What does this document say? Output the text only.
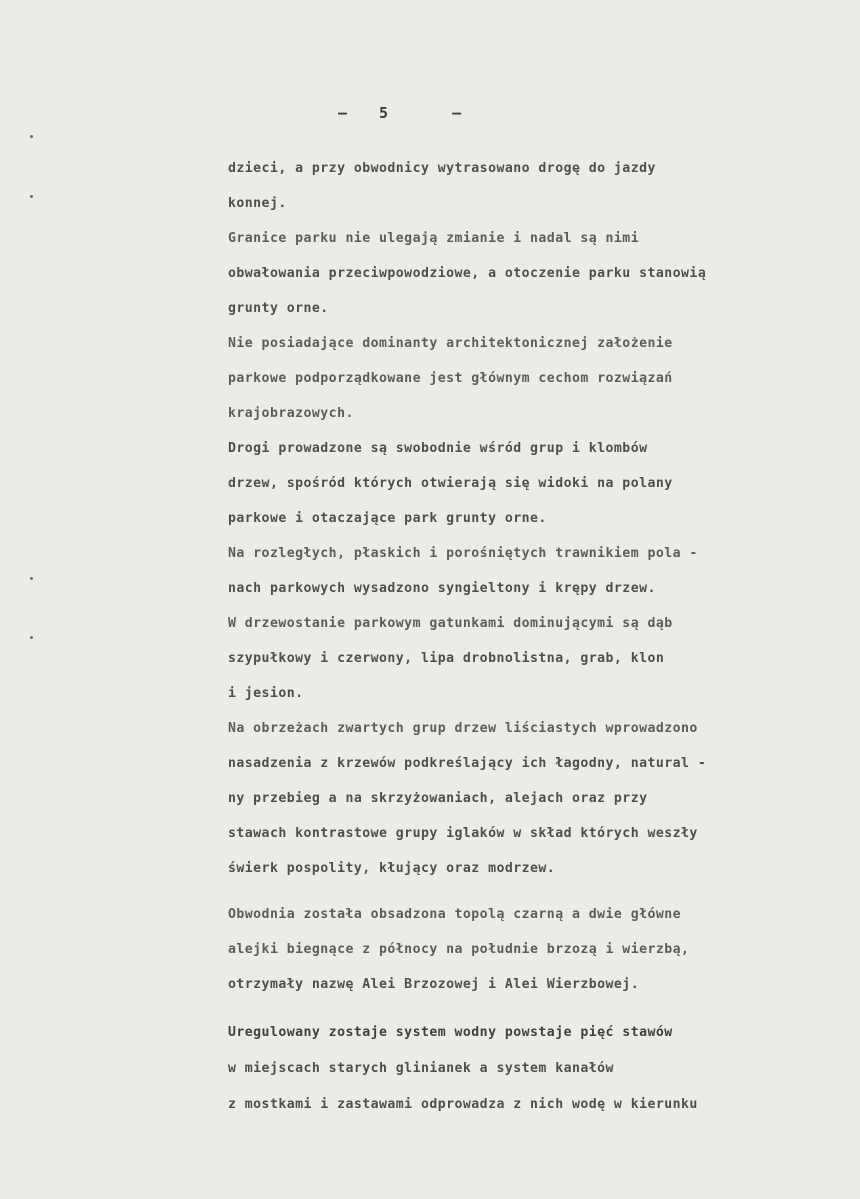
– 5	–
dzieci, a przy obwodnicy wytrasowano drogę do jazdy
konnej.
Granice parku nie ulegają zmianie i nadal są nimi
obwałowania przeciwpowodziowe, a otoczenie parku stanowią
grunty orne.
Nie posiadające dominanty architektonicznej założenie
parkowe podporządkowane jest głównym cechom rozwiązań
krajobrazowych.
Drogi prowadzone są swobodnie wśród grup i klombów
drzew, spośród których otwierają się widoki na polany
parkowe i otaczające park grunty orne.
Na rozległych, płaskich i porośniętych trawnikiem pola -
nach parkowych wysadzono syngieltony i krępy drzew.
W drzewostanie parkowym gatunkami dominującymi są dąb
szypułkowy i czerwony, lipa drobnolistna, grab, klon
i jesion.
Na obrzeżach zwartych grup drzew liściastych wprowadzono
nasadzenia z krzewów podkreślający ich łagodny, natural -
ny przebieg a na skrzyżowaniach, alejach oraz przy
stawach kontrastowe grupy iglaków w skład których weszły
świerk pospolity, kłujący oraz modrzew.
Obwodnia została obsadzona topolą czarną a dwie główne
alejki biegnące z północy na południe brzozą i wierzbą,
otrzymały nazwę Alei Brzozowej i Alei Wierzbowej.
Uregulowany zostaje system wodny powstaje pięć stawów
w miejscach starych glinianek a system kanałów
z mostkami i zastawami odprowadza z nich wodę w kierunku
